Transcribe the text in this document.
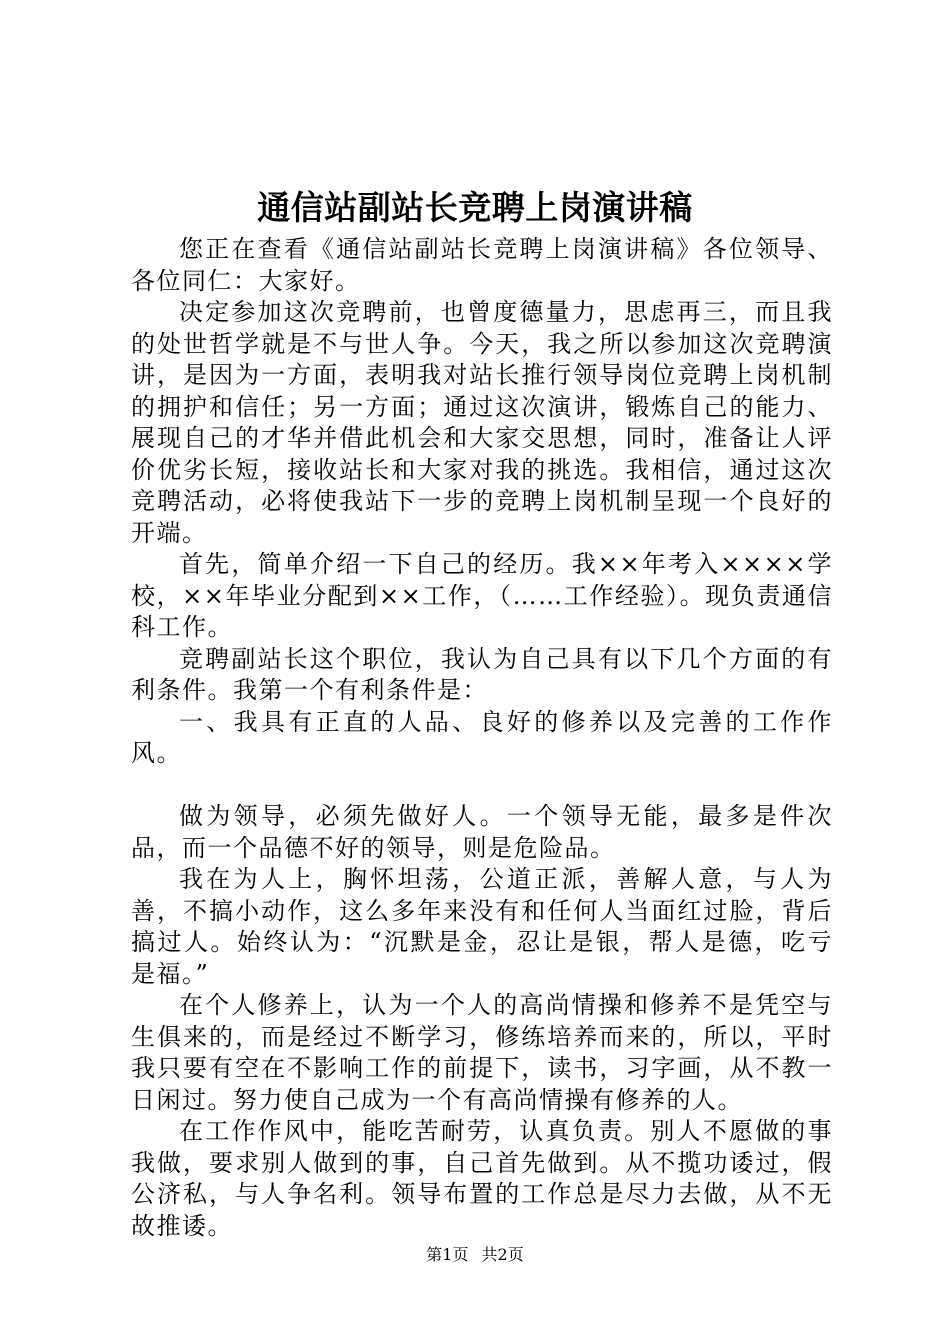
通信站副站长竞聘上岗演讲稿

您正在查看《通信站副站长竞聘上岗演讲稿》各位领导、各位同仁：大家好。

决定参加这次竞聘前，也曾度德量力，思虑再三，而且我的处世哲学就是不与世人争。今天，我之所以参加这次竞聘演讲，是因为一方面，表明我对站长推行领导岗位竞聘上岗机制的拥护和信任；另一方面；通过这次演讲，锻炼自己的能力、展现自己的才华并借此机会和大家交思想，同时，准备让人评价优劣长短，接收站长和大家对我的挑选。我相信，通过这次竞聘活动，必将使我站下一步的竞聘上岗机制呈现一个良好的开端。

首先，简单介绍一下自己的经历。我××年考入××××学校，××年毕业分配到××工作，（……工作经验）。现负责通信科工作。

竞聘副站长这个职位，我认为自己具有以下几个方面的有利条件。我第一个有利条件是：

一、我具有正直的人品、良好的修养以及完善的工作作风。

做为领导，必须先做好人。一个领导无能，最多是件次品，而一个品德不好的领导，则是危险品。

我在为人上，胸怀坦荡，公道正派，善解人意，与人为善，不搞小动作，这么多年来没有和任何人当面红过脸，背后搞过人。始终认为：“沉默是金，忍让是银，帮人是德，吃亏是福。”

在个人修养上，认为一个人的高尚情操和修养不是凭空与生俱来的，而是经过不断学习，修练培养而来的，所以，平时我只要有空在不影响工作的前提下，读书，习字画，从不教一日闲过。努力使自己成为一个有高尚情操有修养的人。

在工作作风中，能吃苦耐劳，认真负责。别人不愿做的事我做，要求别人做到的事，自己首先做到。从不揽功诿过，假公济私，与人争名利。领导布置的工作总是尽力去做，从不无故推诿。

第1页 共2页
